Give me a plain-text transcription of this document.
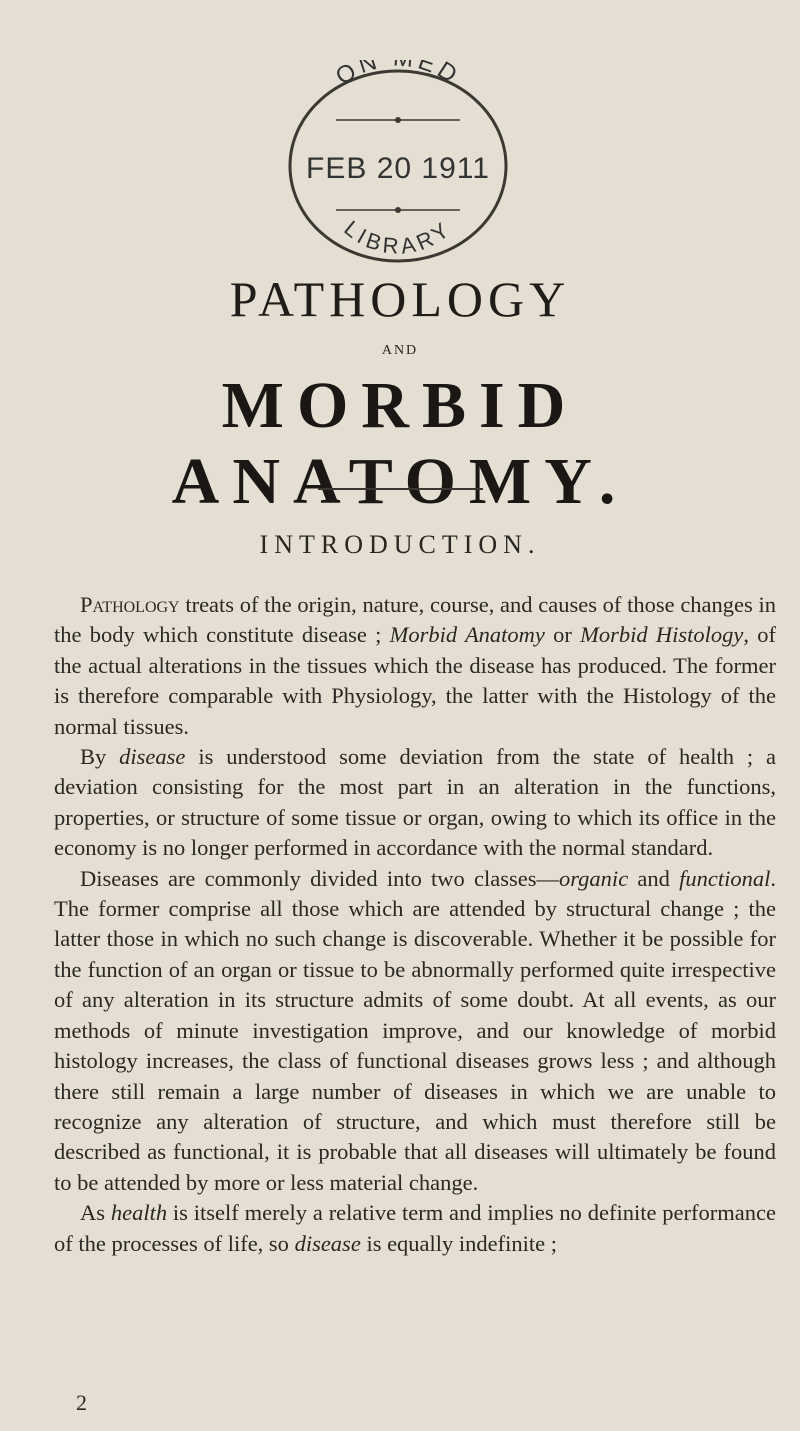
ON ED
LIBRARY
FEB 20 1911
PATHOLOGY
AND
MORBID ANATOMY.
INTRODUCTION.

Pathology treats of the origin, nature, course, and causes of those changes in the body which constitute disease ; Morbid Anatomy or Morbid Histology, of the actual alterations in the tissues which the disease has produced. The former is therefore comparable with Physiology, the latter with the Histology of the normal tissues.

By disease is understood some deviation from the state of health ; a deviation consisting for the most part in an alteration in the functions, properties, or structure of some tissue or organ, owing to which its office in the economy is no longer performed in accordance with the normal standard.

Diseases are commonly divided into two classes—organic and functional. The former comprise all those which are attended by structural change ; the latter those in which no such change is discoverable. Whether it be possible for the function of an organ or tissue to be abnormally performed quite irrespective of any alteration in its structure admits of some doubt. At all events, as our methods of minute investigation improve, and our knowledge of morbid histology increases, the class of functional diseases grows less ; and although there still remain a large number of diseases in which we are unable to recognize any alteration of structure, and which must therefore still be described as functional, it is probable that all diseases will ultimately be found to be attended by more or less material change.

As health is itself merely a relative term and implies no definite performance of the processes of life, so disease is equally indefinite ;

2
